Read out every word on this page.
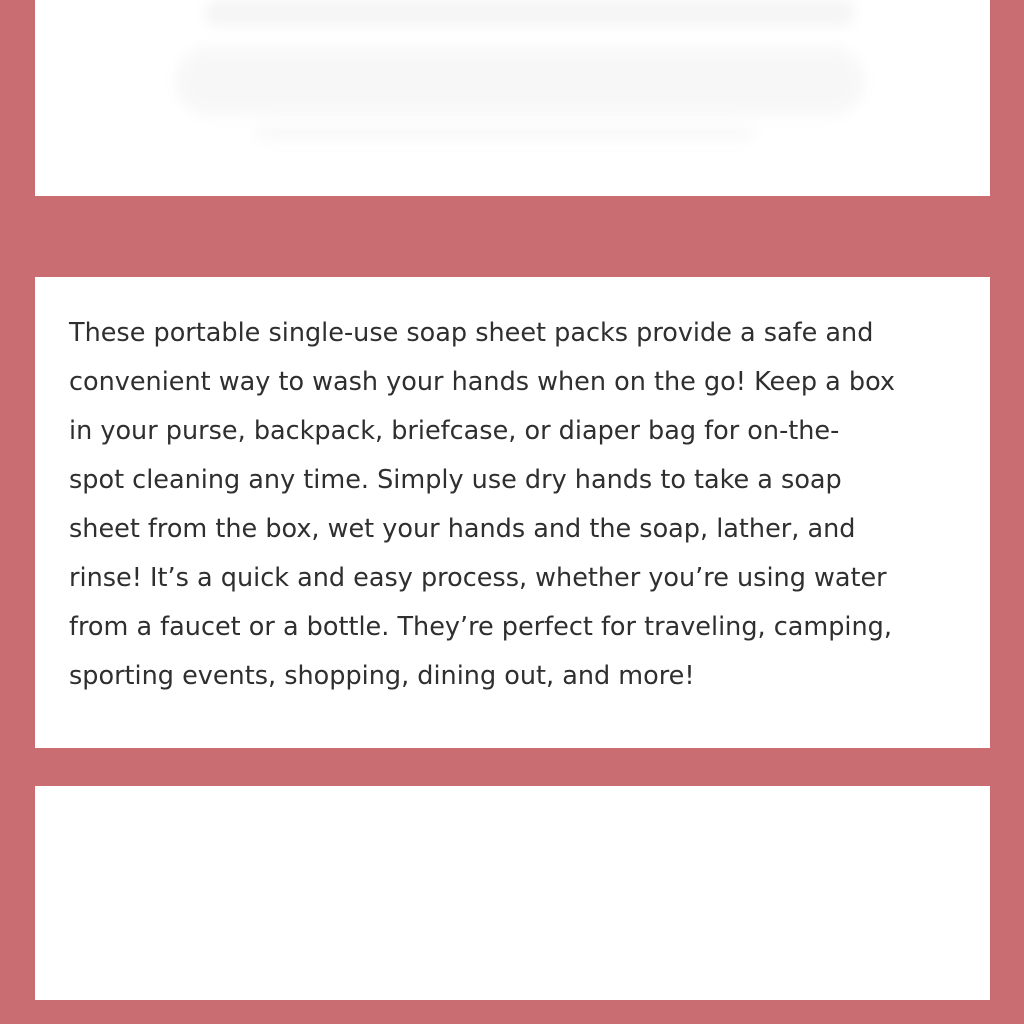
These portable single-use soap sheet packs provide a safe and
convenient way to wash your hands when on the go! Keep a box
in your purse, backpack, briefcase, or diaper bag for on-the-
spot cleaning any time. Simply use dry hands to take a soap
sheet from the box, wet your hands and the soap, lather, and
rinse! It’s a quick and easy process, whether you’re using water
from a faucet or a bottle. They’re perfect for traveling, camping,
sporting events, shopping, dining out, and more!
